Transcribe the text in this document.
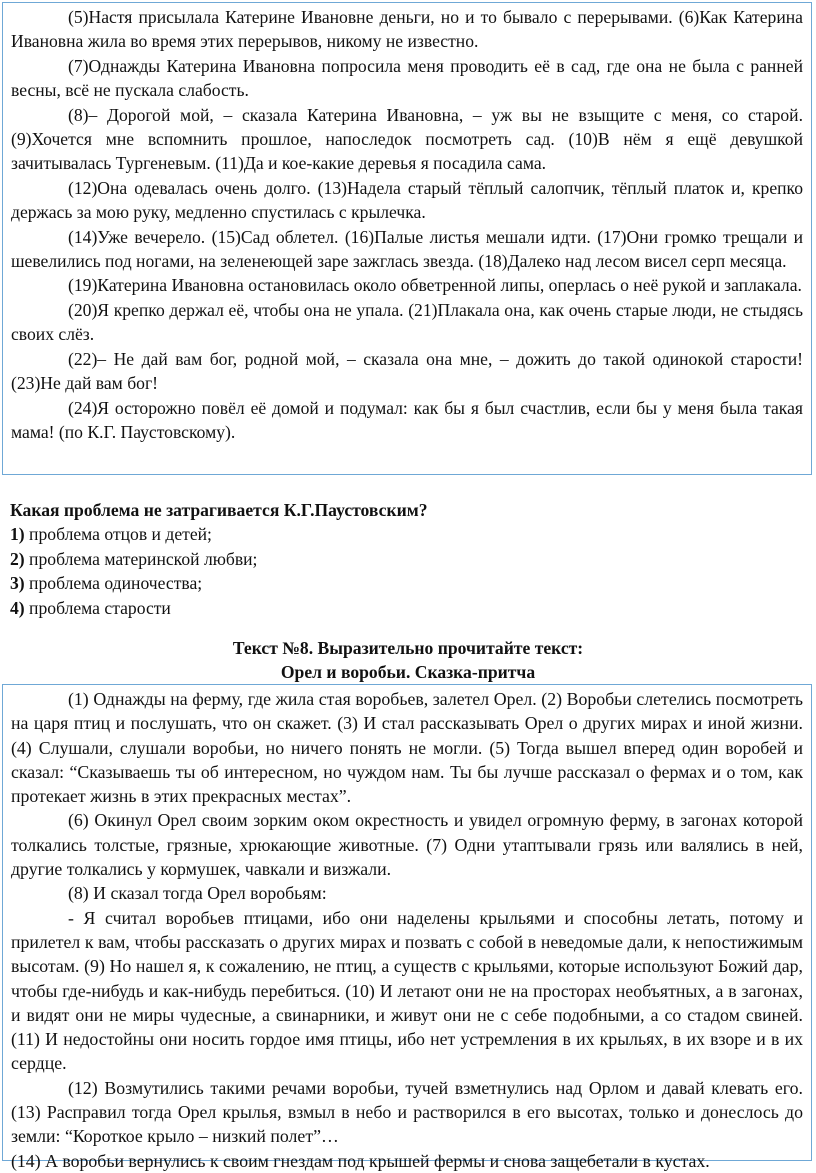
(5)Настя присылала Катерине Ивановне деньги, но и то бывало с перерывами. (6)Как Катерина Ивановна жила во время этих перерывов, никому не известно.

(7)Однажды Катерина Ивановна попросила меня проводить её в сад, где она не была с ранней весны, всё не пускала слабость.

(8)– Дорогой мой, – сказала Катерина Ивановна, – уж вы не взыщите с меня, со старой. (9)Хочется мне вспомнить прошлое, напоследок посмотреть сад. (10)В нём я ещё девушкой зачитывалась Тургеневым. (11)Да и кое-какие деревья я посадила сама.

(12)Она одевалась очень долго. (13)Надела старый тёплый салопчик, тёплый платок и, крепко держась за мою руку, медленно спустилась с крылечка.

(14)Уже вечерело. (15)Сад облетел. (16)Палые листья мешали идти. (17)Они громко трещали и шевелились под ногами, на зеленеющей заре зажглась звезда. (18)Далеко над лесом висел серп месяца.

(19)Катерина Ивановна остановилась около обветренной липы, оперлась о неё рукой и заплакала.

(20)Я крепко держал её, чтобы она не упала. (21)Плакала она, как очень старые люди, не стыдясь своих слёз.

(22)– Не дай вам бог, родной мой, – сказала она мне, – дожить до такой одинокой старости! (23)Не дай вам бог!

(24)Я осторожно повёл её домой и подумал: как бы я был счастлив, если бы у меня была такая мама! (по К.Г. Паустовскому).

Какая проблема не затрагивается К.Г.Паустовским?

1) проблема отцов и детей;

2) проблема материнской любви;

3) проблема одиночества;

4) проблема старости

Текст №8. Выразительно прочитайте текст:
Орел и воробьи. Сказка-притча

(1) Однажды на ферму, где жила стая воробьев, залетел Орел. (2) Воробьи слетелись посмотреть на царя птиц и послушать, что он скажет. (3) И стал рассказывать Орел о других мирах и иной жизни. (4) Слушали, слушали воробьи, но ничего понять не могли. (5) Тогда вышел вперед один воробей и сказал: “Сказываешь ты об интересном, но чуждом нам. Ты бы лучше рассказал о фермах и о том, как протекает жизнь в этих прекрасных местах”.

(6) Окинул Орел своим зорким оком окрестность и увидел огромную ферму, в загонах которой толкались толстые, грязные, хрюкающие животные. (7) Одни утаптывали грязь или валялись в ней, другие толкались у кормушек, чавкали и визжали.

(8) И сказал тогда Орел воробьям:

- Я считал воробьев птицами, ибо они наделены крыльями и способны летать, потому и прилетел к вам, чтобы рассказать о других мирах и позвать с собой в неведомые дали, к непостижимым высотам. (9) Но нашел я, к сожалению, не птиц, а существ с крыльями, которые используют Божий дар, чтобы где-нибудь и как-нибудь перебиться. (10) И летают они не на просторах необъятных, а в загонах, и видят они не миры чудесные, а свинарники, и живут они не с себе подобными, а со стадом свиней. (11) И недостойны они носить гордое имя птицы, ибо нет устремления в их крыльях, в их взоре и в их сердце.

(12) Возмутились такими речами воробьи, тучей взметнулись над Орлом и давай клевать его. (13) Расправил тогда Орел крылья, взмыл в небо и растворился в его высотах, только и донеслось до земли: “Короткое крыло – низкий полет”…

(14) А воробьи вернулись к своим гнездам под крышей фермы и снова защебетали в кустах.
